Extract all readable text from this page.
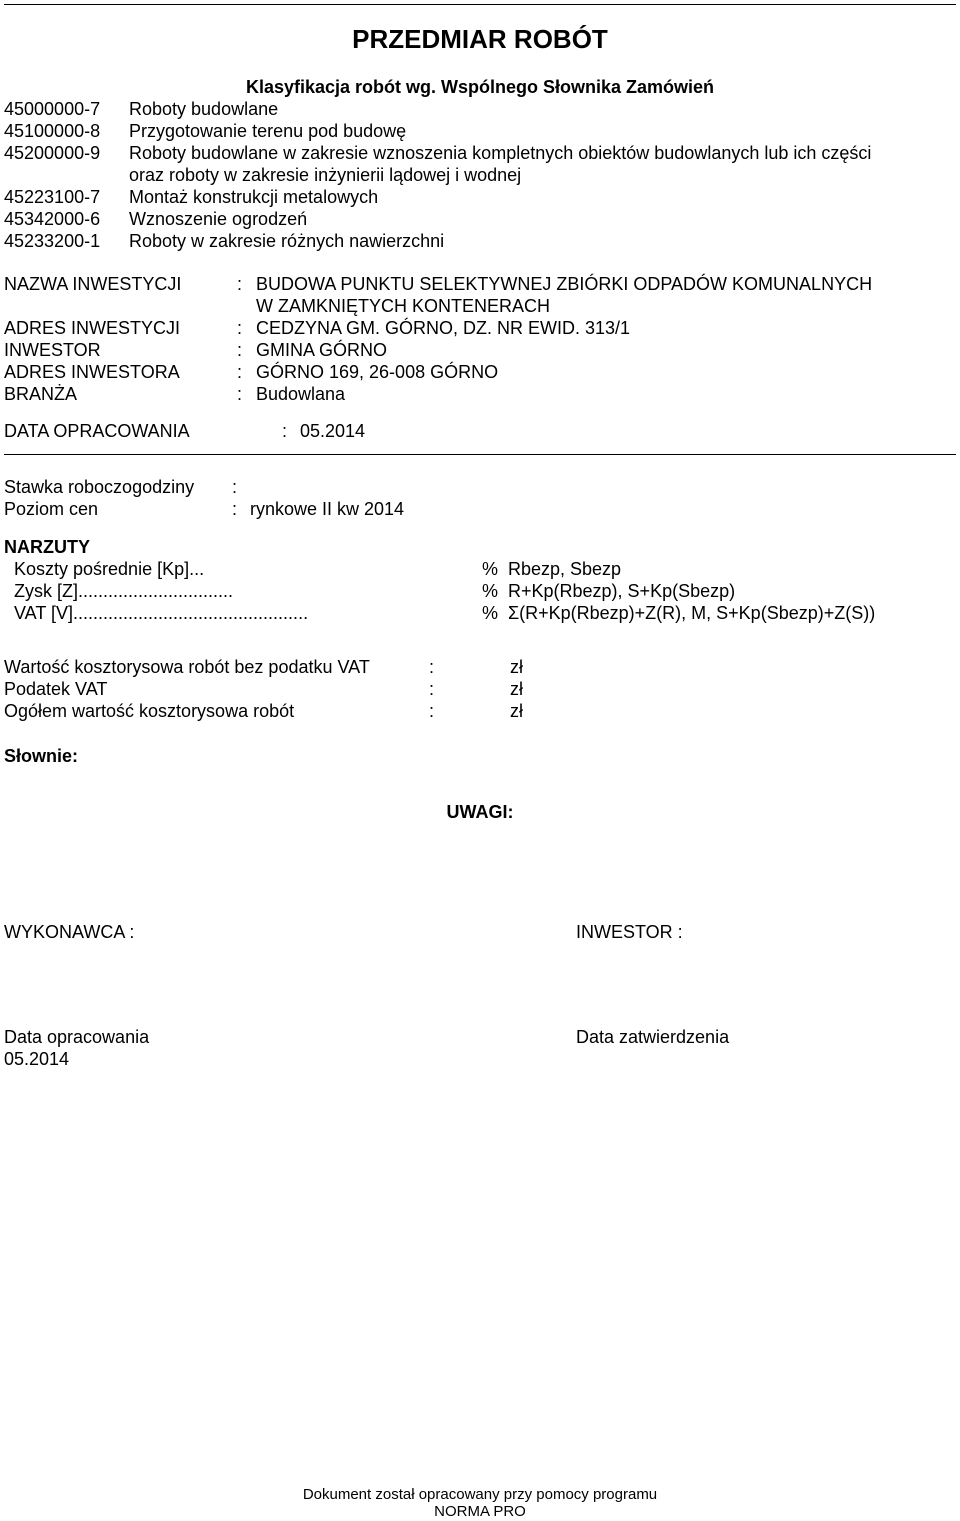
PRZEDMIAR ROBÓT
Klasyfikacja robót wg. Wspólnego Słownika Zamówień
45000000-7 Roboty budowlane
45100000-8 Przygotowanie terenu pod budowę
45200000-9 Roboty budowlane w zakresie wznoszenia kompletnych obiektów budowlanych lub ich części
oraz roboty w zakresie inżynierii lądowej i wodnej
45223100-7 Montaż konstrukcji metalowych
45342000-6 Wznoszenie ogrodzeń
45233200-1 Roboty w zakresie różnych nawierzchni
NAZWA INWESTYCJI	: BUDOWA PUNKTU SELEKTYWNEJ ZBIÓRKI ODPADÓW KOMUNALNYCH
W ZAMKNIĘTYCH KONTENERACH
ADRES INWESTYCJI	: CEDZYNA GM. GÓRNO, DZ. NR EWID. 313/1
INWESTOR	: GMINA GÓRNO
ADRES INWESTORA	: GÓRNO 169, 26-008 GÓRNO
BRANŻA	: Budowlana
DATA OPRACOWANIA	: 05.2014
Stawka roboczogodziny :
Poziom cen	: rynkowe II kw 2014
NARZUTY
Koszty pośrednie [Kp]...	% Rbezp, Sbezp
Zysk [Z]...............................	% R+Kp(Rbezp), S+Kp(Sbezp)
VAT [V]...............................................	% Σ(R+Kp(Rbezp)+Z(R), M, S+Kp(Sbezp)+Z(S))
Wartość kosztorysowa robót bez podatku VAT	:	zł
Podatek VAT	:	zł
Ogółem wartość kosztorysowa robót	:	zł
Słownie:
UWAGI:
WYKONAWCA :	INWESTOR :
Data opracowania
05.2014
Data zatwierdzenia
Dokument został opracowany przy pomocy programu
NORMA PRO
